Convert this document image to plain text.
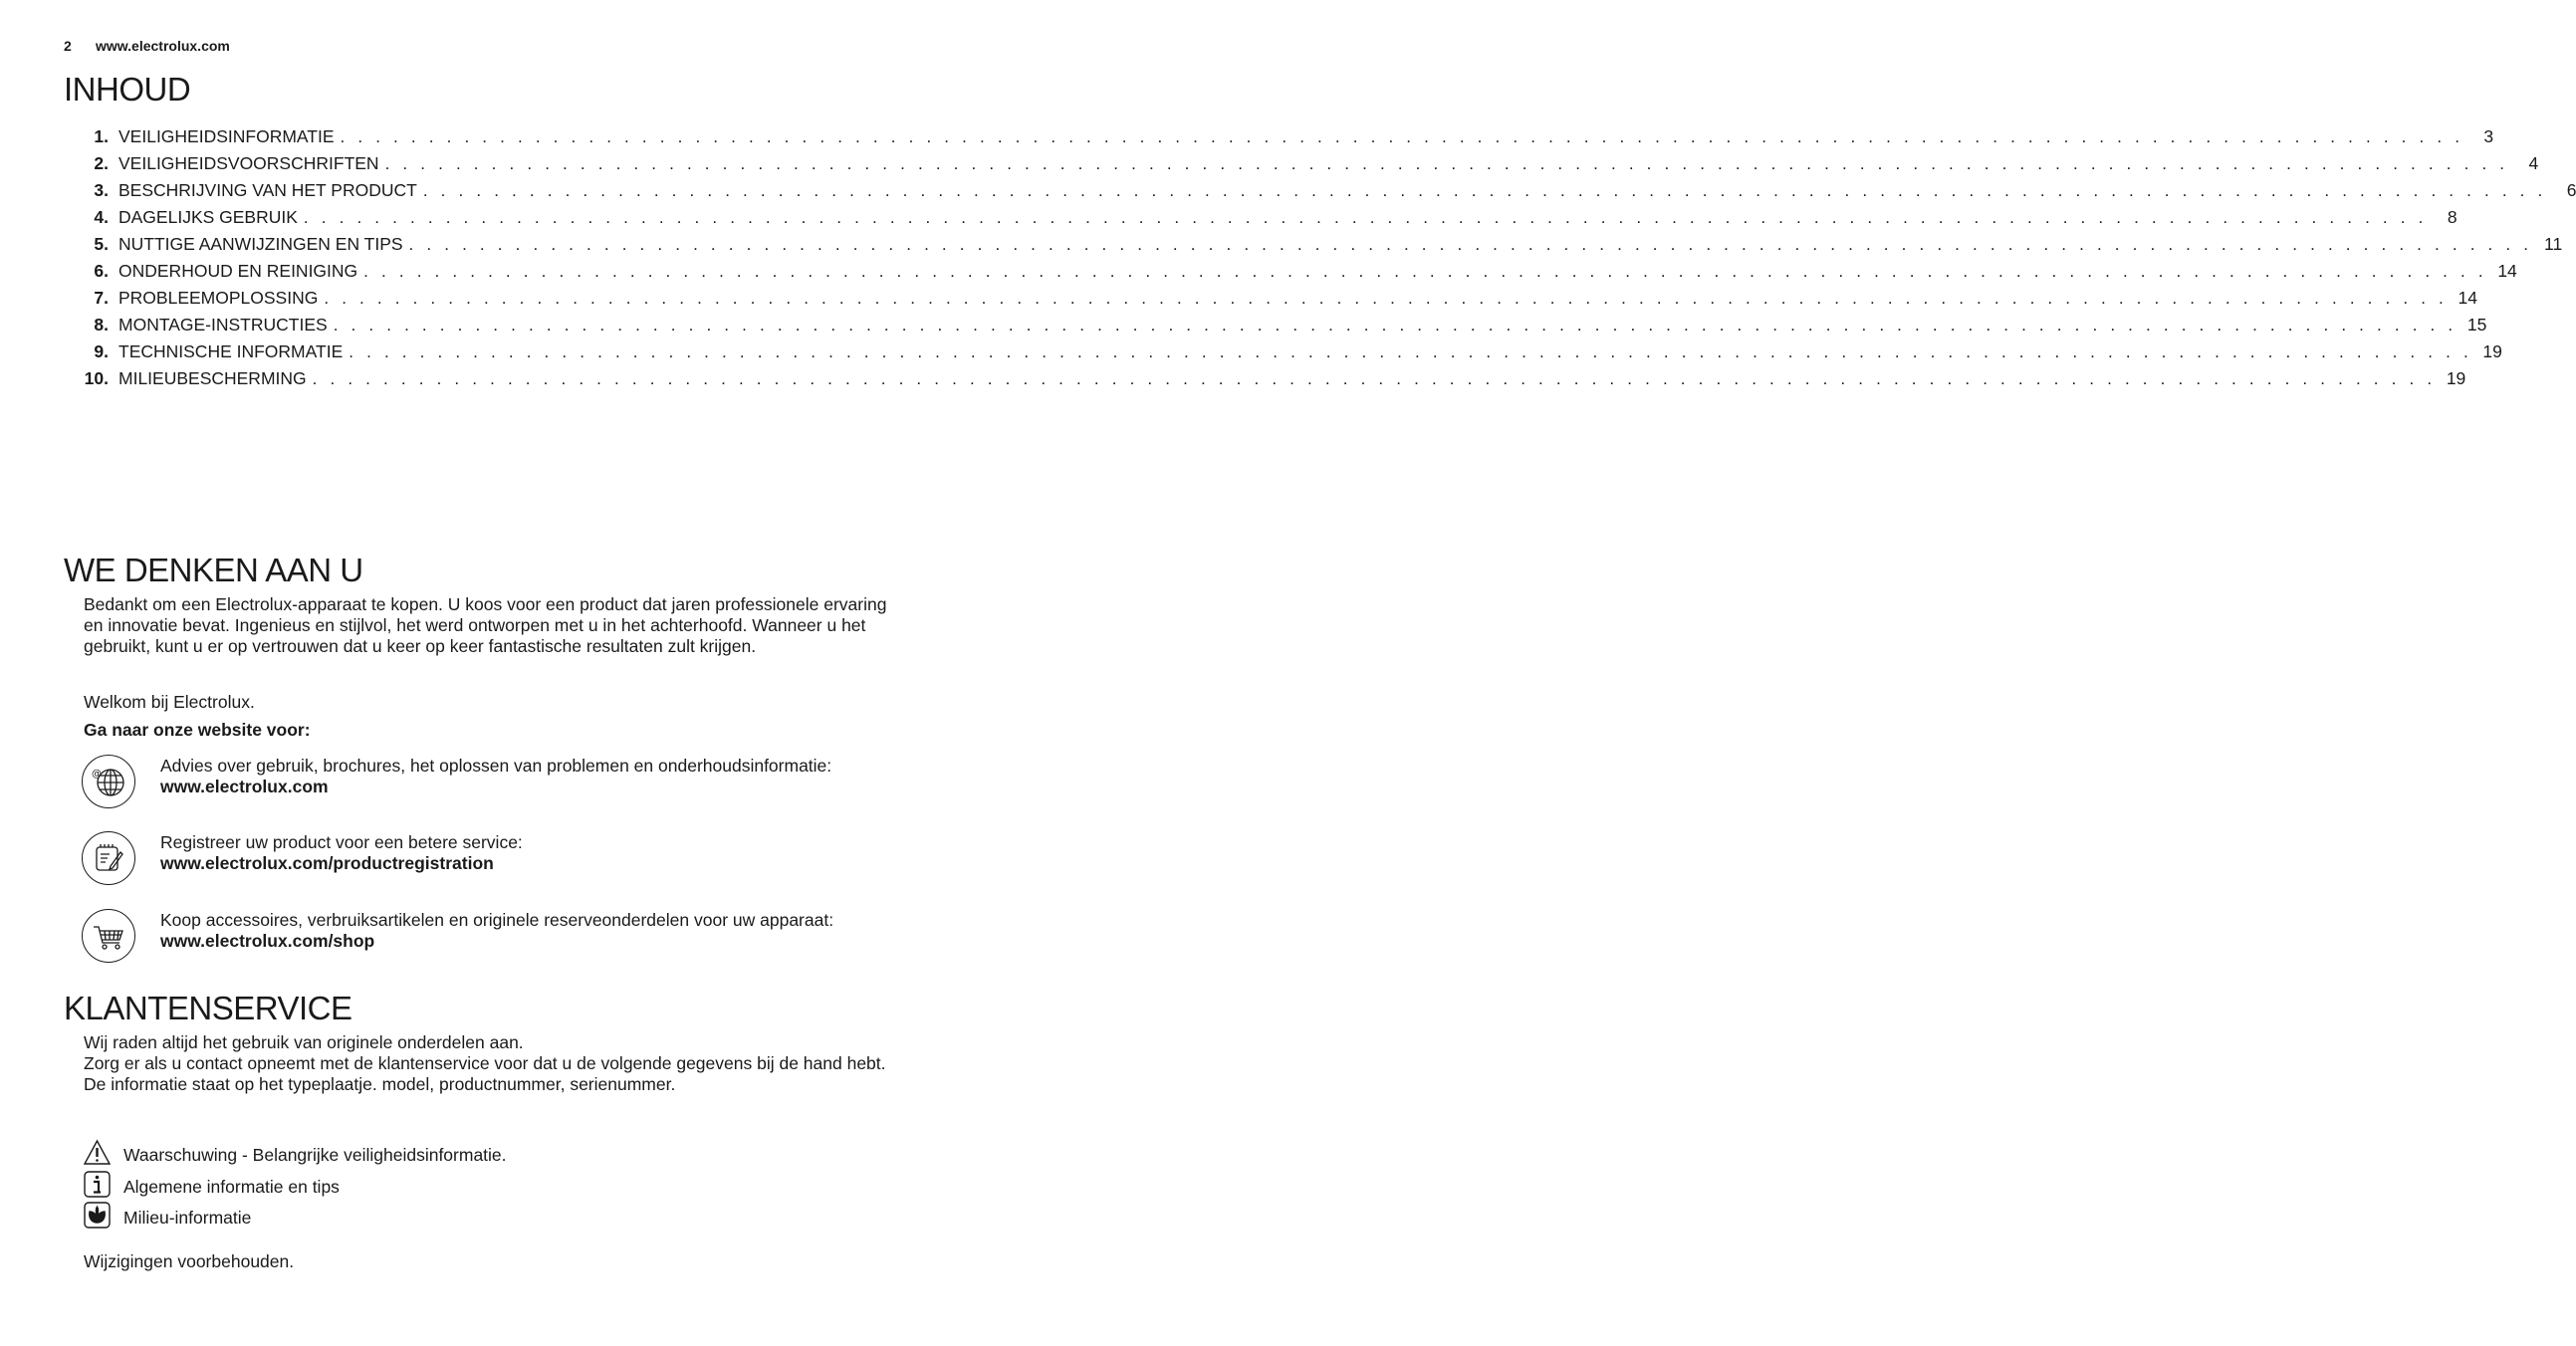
2 www.electrolux.com
INHOUD
1. VEILIGHEIDSINFORMATIE . . . . . . . . . . . . . . . . . . . . . . . . . . . . . . . . . . . . . . . . . . . . . . . . . . . . . . . . . . . . . . . . . . . . . . . . . . . . . . . . . . . . . . . . . . . . . . . . . . . . . . . . . . . . . . . . . . . . . . . .	3
2. VEILIGHEIDSVOORSCHRIFTEN . . . . . . . . . . . . . . . . . . . . . . . . . . . . . . . . . . . . . . . . . . . . . . . . . . . . . . . . . . . . . . . . . . . . . . . . . . . . . . . . . . . . . . . . . . . . . . . . . . . . . . . . . . . . . . . . . . . . . . . .	4
3. BESCHRIJVING VAN HET PRODUCT . . . . . . . . . . . . . . . . . . . . . . . . . . . . . . . . . . . . . . . . . . . . . . . . . . . . . . . . . . . . . . . . . . . . . . . . . . . . . . . . . . . . . . . . . . . . . . . . . . . . . . . . . . . . . . . . . . . . . . . .	6
4. DAGELIJKS GEBRUIK . . . . . . . . . . . . . . . . . . . . . . . . . . . . . . . . . . . . . . . . . . . . . . . . . . . . . . . . . . . . . . . . . . . . . . . . . . . . . . . . . . . . . . . . . . . . . . . . . . . . . . . . . . . . . . . . . . . . . . . .	8
5. NUTTIGE AANWIJZINGEN EN TIPS . . . . . . . . . . . . . . . . . . . . . . . . . . . . . . . . . . . . . . . . . . . . . . . . . . . . . . . . . . . . . . . . . . . . . . . . . . . . . . . . . . . . . . . . . . . . . . . . . . . . . . . . . . . . . . . . . . . . . . . . 11
6. ONDERHOUD EN REINIGING . . . . . . . . . . . . . . . . . . . . . . . . . . . . . . . . . . . . . . . . . . . . . . . . . . . . . . . . . . . . . . . . . . . . . . . . . . . . . . . . . . . . . . . . . . . . . . . . . . . . . . . . . . . . . . . . . . . . . . . . 14
7. PROBLEEMOPLOSSING . . . . . . . . . . . . . . . . . . . . . . . . . . . . . . . . . . . . . . . . . . . . . . . . . . . . . . . . . . . . . . . . . . . . . . . . . . . . . . . . . . . . . . . . . . . . . . . . . . . . . . . . . . . . . . . . . . . . . . . . 14
8. MONTAGE-INSTRUCTIES . . . . . . . . . . . . . . . . . . . . . . . . . . . . . . . . . . . . . . . . . . . . . . . . . . . . . . . . . . . . . . . . . . . . . . . . . . . . . . . . . . . . . . . . . . . . . . . . . . . . . . . . . . . . . . . . . . . . . . . . 15
9. TECHNISCHE INFORMATIE . . . . . . . . . . . . . . . . . . . . . . . . . . . . . . . . . . . . . . . . . . . . . . . . . . . . . . . . . . . . . . . . . . . . . . . . . . . . . . . . . . . . . . . . . . . . . . . . . . . . . . . . . . . . . . . . . . . . . . . . 19
10. MILIEUBESCHERMING . . . . . . . . . . . . . . . . . . . . . . . . . . . . . . . . . . . . . . . . . . . . . . . . . . . . . . . . . . . . . . . . . . . . . . . . . . . . . . . . . . . . . . . . . . . . . . . . . . . . . . . . . . . . . . . . . . . . . . . . 19
WE DENKEN AAN U

Bedankt om een Electrolux-apparaat te kopen. U koos voor een product dat jaren professionele ervaring en innovatie bevat. Ingenieus en stijlvol, het werd ontworpen met u in het achterhoofd. Wanneer u het gebruikt, kunt u er op vertrouwen dat u keer op keer fantastische resultaten zult krijgen.

Welkom bij Electrolux.

Ga naar onze website voor:

@	Advies over gebruik, brochures, het oplossen van problemen en onderhoudsinformatie:
www.electrolux.com
Registreer uw product voor een betere service:
www.electrolux.com/productregistration
Koop accessoires, verbruiksartikelen en originele reserveonderdelen voor uw apparaat:
www.electrolux.com/shop
KLANTENSERVICE
Wij raden altijd het gebruik van originele onderdelen aan.
Zorg er als u contact opneemt met de klantenservice voor dat u de volgende gegevens bij de hand hebt.
De informatie staat op het typeplaatje. model, productnummer, serienummer.
Waarschuwing - Belangrijke veiligheidsinformatie.
Algemene informatie en tips
Milieu-informatie

Wijzigingen voorbehouden.
